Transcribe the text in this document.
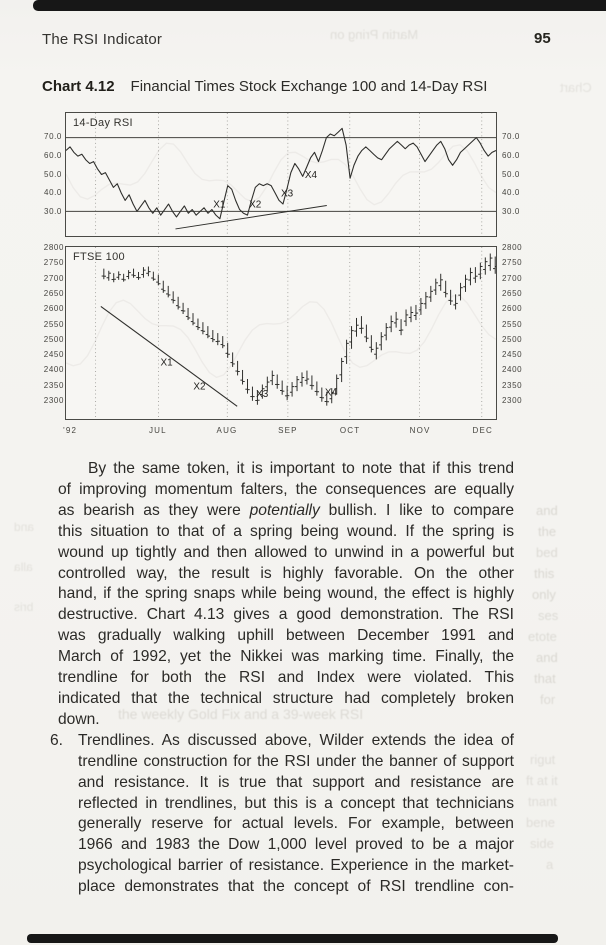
The RSI Indicator	95
Chart 4.12 Financial Times Stock Exchange 100 and 14-Day RSI
X1 X2
X3
X4
14-Day RSI
X1
X2
X3	X4
FTSE 100
70.0	70.0
60.0	60.0
50.0	50.0
40.0	40.0
30.0	30.0
2800	2800
2750	2750
2700	2700
2650	2650
2600	2600
2550	2550
2500	2500
2450	2450
2400	2400
2350	2350
2300	2300
'92	JUL	AUG	SEP	OCT	NOV	DEC
By the same token, it is important to note that if this trend
of improving momentum falters, the consequences are equally
as bearish as they were potentially bullish. I like to compare
this situation to that of a spring being wound. If the spring is
wound up tightly and then allowed to unwind in a powerful but
controlled way, the result is highly favorable. On the other
hand, if the spring snaps while being wound, the effect is highly
destructive. Chart 4.13 gives a good demonstration. The RSI
was gradually walking uphill between December 1991 and
March of 1992, yet the Nikkei was marking time. Finally, the
trendline for both the RSI and Index were violated. This
indicated that the technical structure had completely broken
down.
6. Trendlines. As discussed above, Wilder extends the idea of
trendline construction for the RSI under the banner of support
and resistance. It is true that support and resistance are
reflected in trendlines, but this is a concept that technicians
generally reserve for actual levels. For example, between
1966 and 1983 the Dow 1,000 level proved to be a major
psychological barrier of resistance. Experience in the market-
place demonstrates that the concept of RSI trendline con-
Martin Pring on
Chart
the weekly Gold Fix and a 39-week RSI
and
the
bed
this
only
ses
etote
and
that
for
rigut
ft at it
tnant
bene
side
a
and
alla
bris
